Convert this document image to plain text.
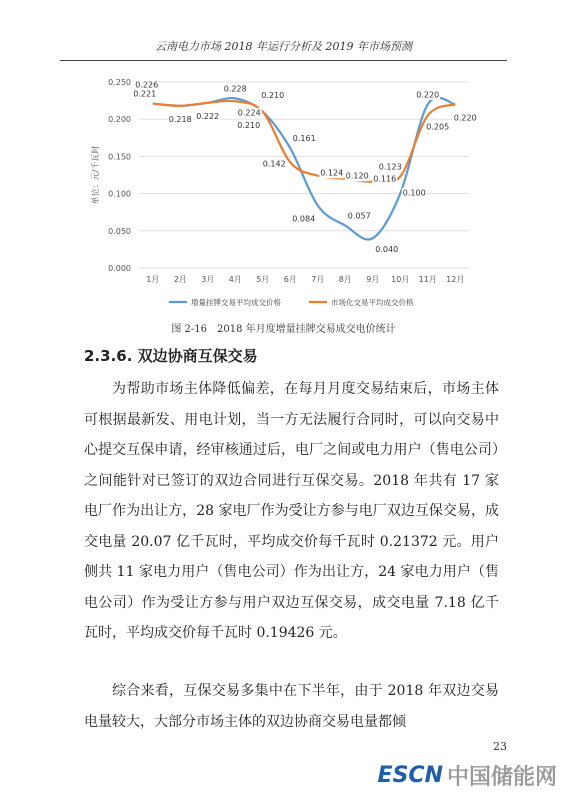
云南电力市场 2018 年运行分析及 2019 年市场预测
0.000
0.050
0.100
0.150
0.200
0.250
单位：元/千瓦时
1月 2月 3月 4月 5月 6月 7月 8月 9月 10月 11月 12月
0.221
0.218 0.222
0.228
0.210
0.161
0.084	0.057
0.040
0.100
0.220
0.220
0.226
0.224
0.210
0.142
0.124 0.120 0.116
0.123
0.205
增量挂牌交易平均成交价格	市场化交易平均成交价格
图 2-16　2018 年月度增量挂牌交易成交电价统计
2.3.6. 双边协商互保交易

为帮助市场主体降低偏差，在每月月度交易结束后，市场主体可根据最新发、用电计划，当一方无法履行合同时，可以向交易中心提交互保申请，经审核通过后，电厂之间或电力用户（售电公司）之间能针对已签订的双边合同进行互保交易。2018 年共有 17 家电厂作为出让方，28 家电厂作为受让方参与电厂双边互保交易，成交电量 20.07 亿千瓦时，平均成交价每千瓦时 0.21372 元。用户侧共 11 家电力用户（售电公司）作为出让方，24 家电力用户（售电公司）作为受让方参与用户双边互保交易，成交电量 7.18 亿千瓦时，平均成交价每千瓦时 0.19426 元。

综合来看，互保交易多集中在下半年，由于 2018 年双边交易电量较大，大部分市场主体的双边协商交易电量都倾

23
ESCN 中国储能网
